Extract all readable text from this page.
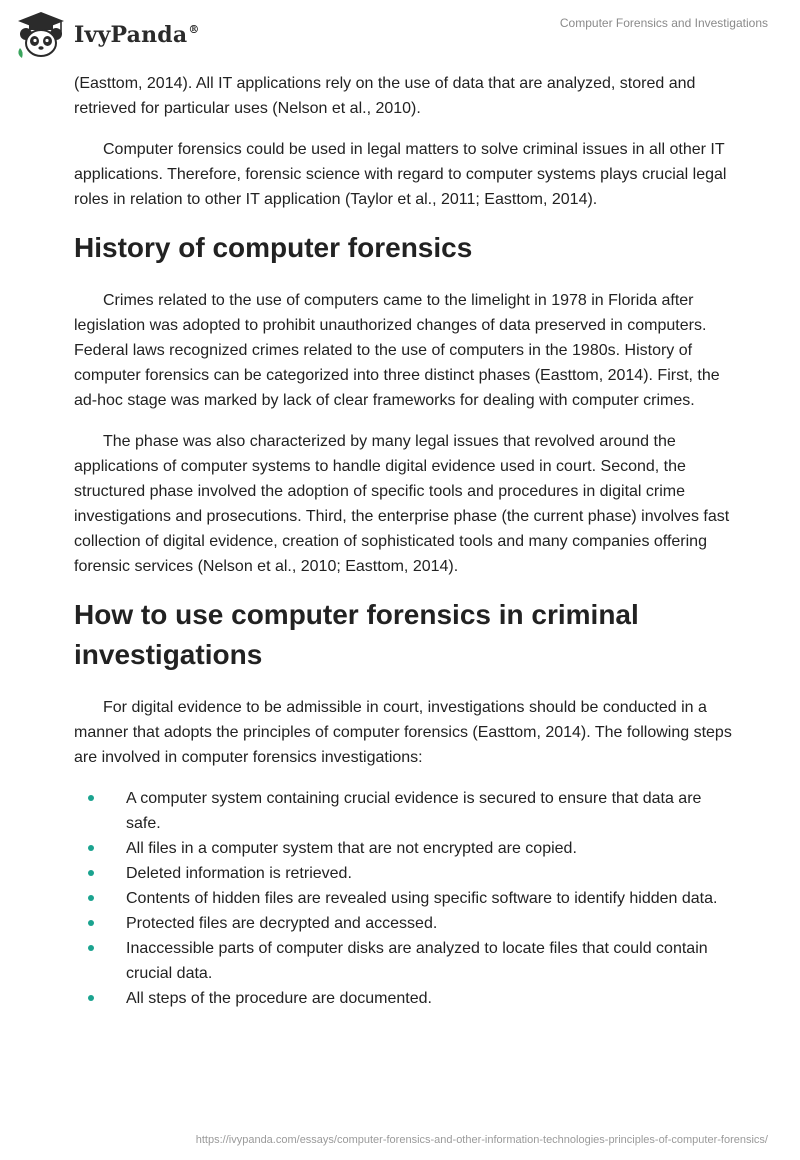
IvyPanda®	Computer Forensics and Investigations

(Easttom, 2014). All IT applications rely on the use of data that are analyzed, stored and retrieved for particular uses (Nelson et al., 2010).

Computer forensics could be used in legal matters to solve criminal issues in all other IT applications. Therefore, forensic science with regard to computer systems plays crucial legal roles in relation to other IT application (Taylor et al., 2011; Easttom, 2014).

History of computer forensics

Crimes related to the use of computers came to the limelight in 1978 in Florida after legislation was adopted to prohibit unauthorized changes of data preserved in computers. Federal laws recognized crimes related to the use of computers in the 1980s. History of computer forensics can be categorized into three distinct phases (Easttom, 2014). First, the ad-hoc stage was marked by lack of clear frameworks for dealing with computer crimes.

The phase was also characterized by many legal issues that revolved around the applications of computer systems to handle digital evidence used in court. Second, the structured phase involved the adoption of specific tools and procedures in digital crime investigations and prosecutions. Third, the enterprise phase (the current phase) involves fast collection of digital evidence, creation of sophisticated tools and many companies offering forensic services (Nelson et al., 2010; Easttom, 2014).

How to use computer forensics in criminal investigations

For digital evidence to be admissible in court, investigations should be conducted in a manner that adopts the principles of computer forensics (Easttom, 2014). The following steps are involved in computer forensics investigations:

A computer system containing crucial evidence is secured to ensure that data are safe.
All files in a computer system that are not encrypted are copied.
Deleted information is retrieved.
Contents of hidden files are revealed using specific software to identify hidden data.
Protected files are decrypted and accessed.
Inaccessible parts of computer disks are analyzed to locate files that could contain crucial data.
All steps of the procedure are documented.
https://ivypanda.com/essays/computer-forensics-and-other-information-technologies-principles-of-computer-forensics/
